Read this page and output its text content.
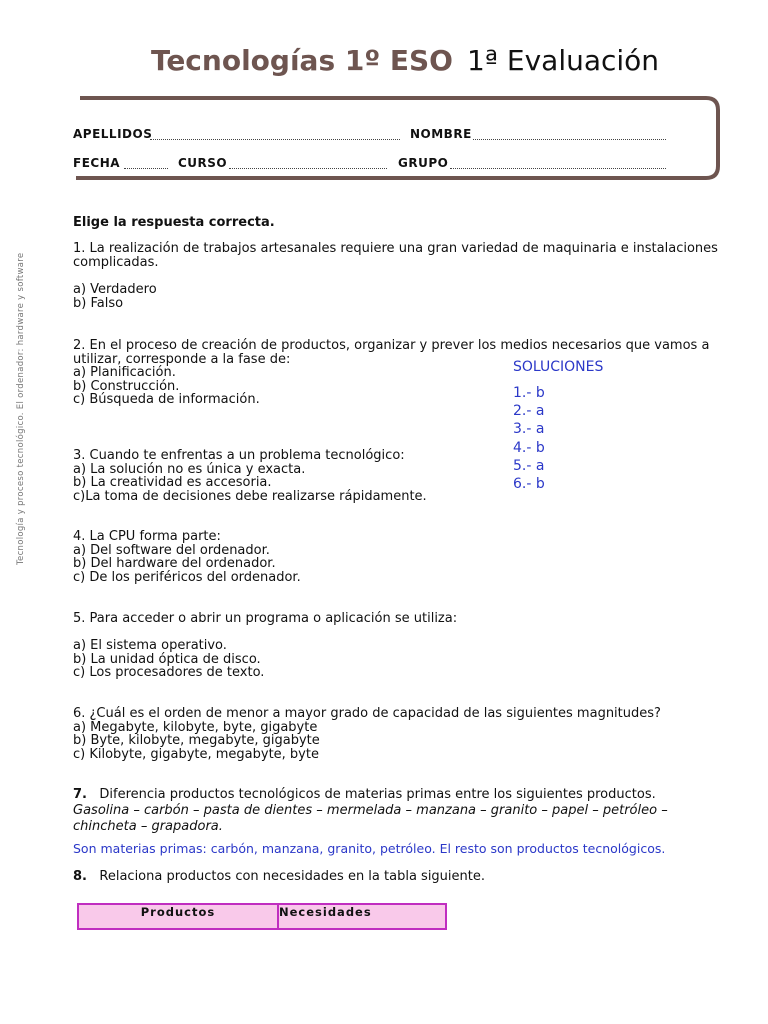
Tecnologías 1º ESO 1ª Evaluación
APELLIDOS	NOMBRE
FECHA	CURSO	GRUPO
Tecnología y proceso tecnológico. El ordenador: hardware y software
Elige la respuesta correcta.
1. La realización de trabajos artesanales requiere una gran variedad de maquinaria e instalaciones complicadas.
a) Verdadero
b) Falso
2. En el proceso de creación de productos, organizar y prever los medios necesarios que vamos a utilizar, corresponde a la fase de:
a) Planificación.
b) Construcción.
c) Búsqueda de información.
3. Cuando te enfrentas a un problema tecnológico:
a) La solución no es única y exacta.
b) La creatividad es accesoria.
c)La toma de decisiones debe realizarse rápidamente.
4. La CPU forma parte:
a) Del software del ordenador.
b) Del hardware del ordenador.
c) De los periféricos del ordenador.
5. Para acceder o abrir un programa o aplicación se utiliza:
a) El sistema operativo.
b) La unidad óptica de disco.
c) Los procesadores de texto.
6. ¿Cuál es el orden de menor a mayor grado de capacidad de las siguientes magnitudes?
a) Megabyte, kilobyte, byte, gigabyte
b) Byte, kilobyte, megabyte, gigabyte
c) Kilobyte, gigabyte, megabyte, byte
SOLUCIONES
1.- b
2.- a
3.- a
4.- b
5.- a
6.- b
7. Diferencia productos tecnológicos de materias primas entre los siguientes productos.
Gasolina – carbón – pasta de dientes – mermelada – manzana – granito – papel – petróleo – chincheta – grapadora.
Son materias primas: carbón, manzana, granito, petróleo. El resto son productos tecnológicos.
8. Relaciona productos con necesidades en la tabla siguiente.
Productos	Necesidades
